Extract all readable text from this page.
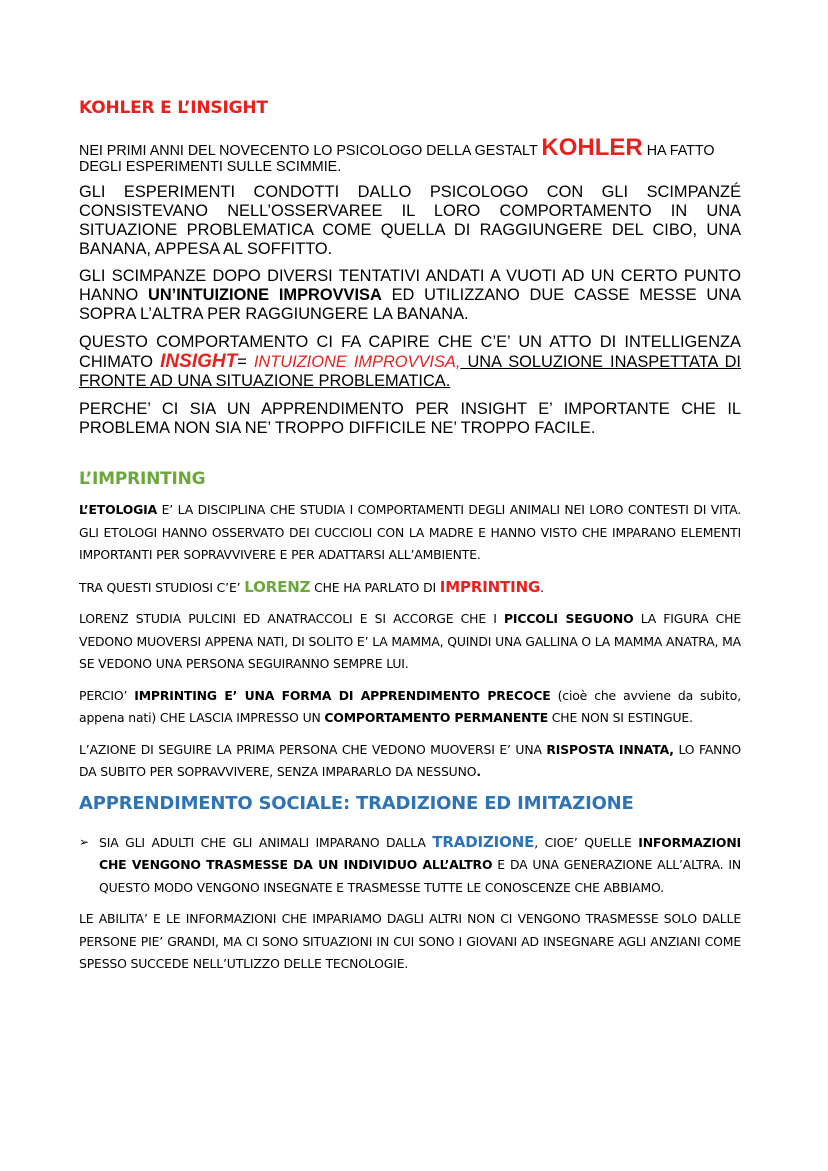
KOHLER E L’INSIGHT

NEI PRIMI ANNI DEL NOVECENTO LO PSICOLOGO DELLA GESTALT KOHLER HA FATTO DEGLI ESPERIMENTI SULLE SCIMMIE.

GLI ESPERIMENTI CONDOTTI DALLO PSICOLOGO CON GLI SCIMPANZÉ CONSISTEVANO NELL’OSSERVAREE IL LORO COMPORTAMENTO IN UNA SITUAZIONE PROBLEMATICA COME QUELLA DI RAGGIUNGERE DEL CIBO, UNA BANANA, APPESA AL SOFFITTO.

GLI SCIMPANZE DOPO DIVERSI TENTATIVI ANDATI A VUOTI AD UN CERTO PUNTO HANNO UN’INTUIZIONE IMPROVVISA ED UTILIZZANO DUE CASSE MESSE UNA SOPRA L’ALTRA PER RAGGIUNGERE LA BANANA.

QUESTO COMPORTAMENTO CI FA CAPIRE CHE C’E’ UN ATTO DI INTELLIGENZA CHIMATO INSIGHT= INTUIZIONE IMPROVVISA, UNA SOLUZIONE INASPETTATA DI FRONTE AD UNA SITUAZIONE PROBLEMATICA.

PERCHE’ CI SIA UN APPRENDIMENTO PER INSIGHT E’ IMPORTANTE CHE IL PROBLEMA NON SIA NE’ TROPPO DIFFICILE NE’ TROPPO FACILE.

L’IMPRINTING

L’ETOLOGIA E’ LA DISCIPLINA CHE STUDIA I COMPORTAMENTI DEGLI ANIMALI NEI LORO CONTESTI DI VITA. GLI ETOLOGI HANNO OSSERVATO DEI CUCCIOLI CON LA MADRE E HANNO VISTO CHE IMPARANO ELEMENTI IMPORTANTI PER SOPRAVVIVERE E PER ADATTARSI ALL’AMBIENTE.

TRA QUESTI STUDIOSI C’E’ LORENZ CHE HA PARLATO DI IMPRINTING.

LORENZ STUDIA PULCINI ED ANATRACCOLI E SI ACCORGE CHE I PICCOLI SEGUONO LA FIGURA CHE VEDONO MUOVERSI APPENA NATI, DI SOLITO E’ LA MAMMA, QUINDI UNA GALLINA O LA MAMMA ANATRA, MA SE VEDONO UNA PERSONA SEGUIRANNO SEMPRE LUI.

PERCIO’ IMPRINTING E’ UNA FORMA DI APPRENDIMENTO PRECOCE (cioè che avviene da subito, appena nati) CHE LASCIA IMPRESSO UN COMPORTAMENTO PERMANENTE CHE NON SI ESTINGUE.

L’AZIONE DI SEGUIRE LA PRIMA PERSONA CHE VEDONO MUOVERSI E’ UNA RISPOSTA INNATA, LO FANNO DA SUBITO PER SOPRAVVIVERE, SENZA IMPARARLO DA NESSUNO.

APPRENDIMENTO SOCIALE: TRADIZIONE ED IMITAZIONE
➢ SIA GLI ADULTI CHE GLI ANIMALI IMPARANO DALLA TRADIZIONE, CIOE’ QUELLE INFORMAZIONI CHE VENGONO TRASMESSE DA UN INDIVIDUO ALL’ALTRO E DA UNA GENERAZIONE ALL’ALTRA. IN QUESTO MODO VENGONO INSEGNATE E TRASMESSE TUTTE LE CONOSCENZE CHE ABBIAMO.

LE ABILITA’ E LE INFORMAZIONI CHE IMPARIAMO DAGLI ALTRI NON CI VENGONO TRASMESSE SOLO DALLE PERSONE PIE’ GRANDI, MA CI SONO SITUAZIONI IN CUI SONO I GIOVANI AD INSEGNARE AGLI ANZIANI COME SPESSO SUCCEDE NELL’UTLIZZO DELLE TECNOLOGIE.
